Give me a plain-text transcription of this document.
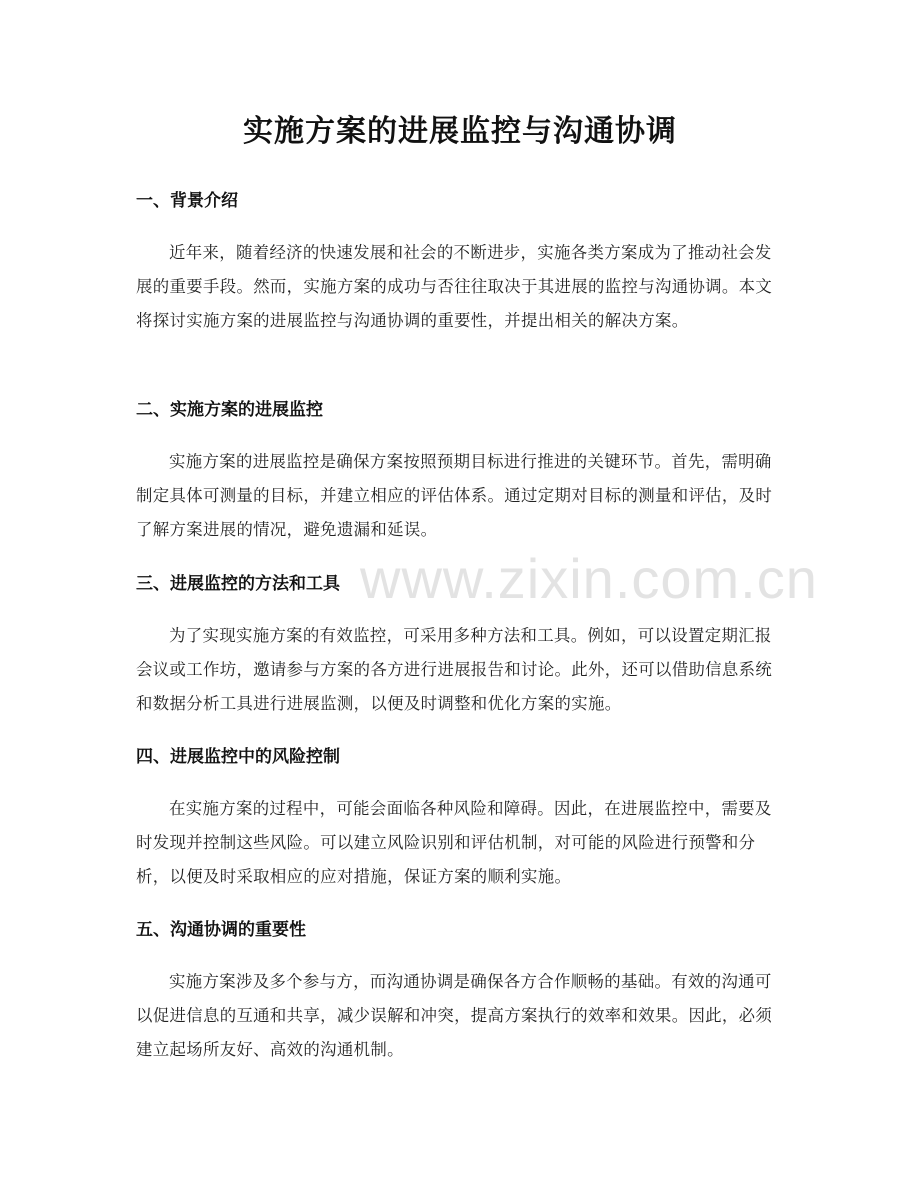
www.zixin.com.cn
实施方案的进展监控与沟通协调
一、背景介绍
近年来，随着经济的快速发展和社会的不断进步，实施各类方案成为了推动社会发展的重要手段。然而，实施方案的成功与否往往取决于其进展的监控与沟通协调。本文将探讨实施方案的进展监控与沟通协调的重要性，并提出相关的解决方案。
二、实施方案的进展监控
实施方案的进展监控是确保方案按照预期目标进行推进的关键环节。首先，需明确制定具体可测量的目标，并建立相应的评估体系。通过定期对目标的测量和评估，及时了解方案进展的情况，避免遗漏和延误。
三、进展监控的方法和工具
为了实现实施方案的有效监控，可采用多种方法和工具。例如，可以设置定期汇报会议或工作坊，邀请参与方案的各方进行进展报告和讨论。此外，还可以借助信息系统和数据分析工具进行进展监测，以便及时调整和优化方案的实施。
四、进展监控中的风险控制
在实施方案的过程中，可能会面临各种风险和障碍。因此，在进展监控中，需要及时发现并控制这些风险。可以建立风险识别和评估机制，对可能的风险进行预警和分析，以便及时采取相应的应对措施，保证方案的顺利实施。
五、沟通协调的重要性
实施方案涉及多个参与方，而沟通协调是确保各方合作顺畅的基础。有效的沟通可以促进信息的互通和共享，减少误解和冲突，提高方案执行的效率和效果。因此，必须建立起场所友好、高效的沟通机制。
